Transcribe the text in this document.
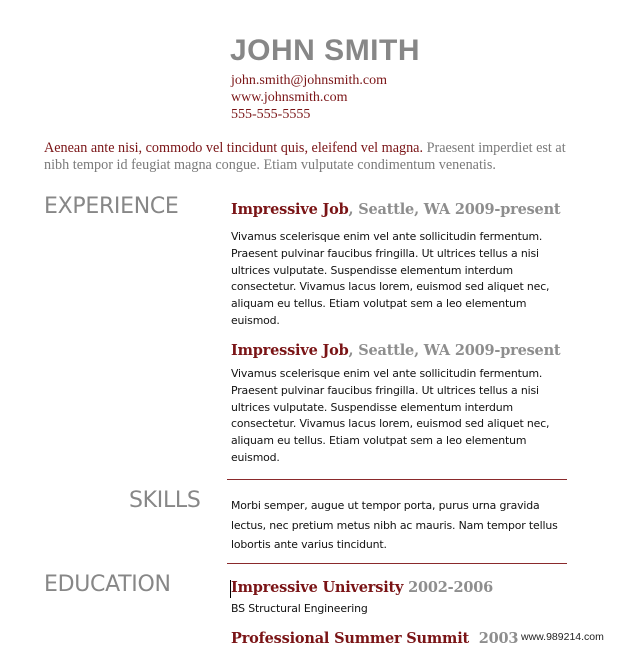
JOHN SMITH
john.smith@johnsmith.com
www.johnsmith.com
555-555-5555
Aenean ante nisi, commodo vel tincidunt quis, eleifend vel magna. Praesent imperdiet est at nibh tempor id feugiat magna congue. Etiam vulputate condimentum venenatis.
EXPERIENCE	Impressive Job, Seattle, WA 2009-present
Vivamus scelerisque enim vel ante sollicitudin fermentum. Praesent pulvinar faucibus fringilla. Ut ultrices tellus a nisi ultrices vulputate. Suspendisse elementum interdum consectetur. Vivamus lacus lorem, euismod sed aliquet nec, aliquam eu tellus. Etiam volutpat sem a leo elementum euismod.
Impressive Job, Seattle, WA 2009-present
Vivamus scelerisque enim vel ante sollicitudin fermentum. Praesent pulvinar faucibus fringilla. Ut ultrices tellus a nisi ultrices vulputate. Suspendisse elementum interdum consectetur. Vivamus lacus lorem, euismod sed aliquet nec, aliquam eu tellus. Etiam volutpat sem a leo elementum euismod.
SKILLS	Morbi semper, augue ut tempor porta, purus urna gravida lectus, nec pretium metus nibh ac mauris. Nam tempor tellus lobortis ante varius tincidunt.
EDUCATION	Impressive University 2002-2006
BS Structural Engineering
Professional Summer Summit  2003 www.989214.com
